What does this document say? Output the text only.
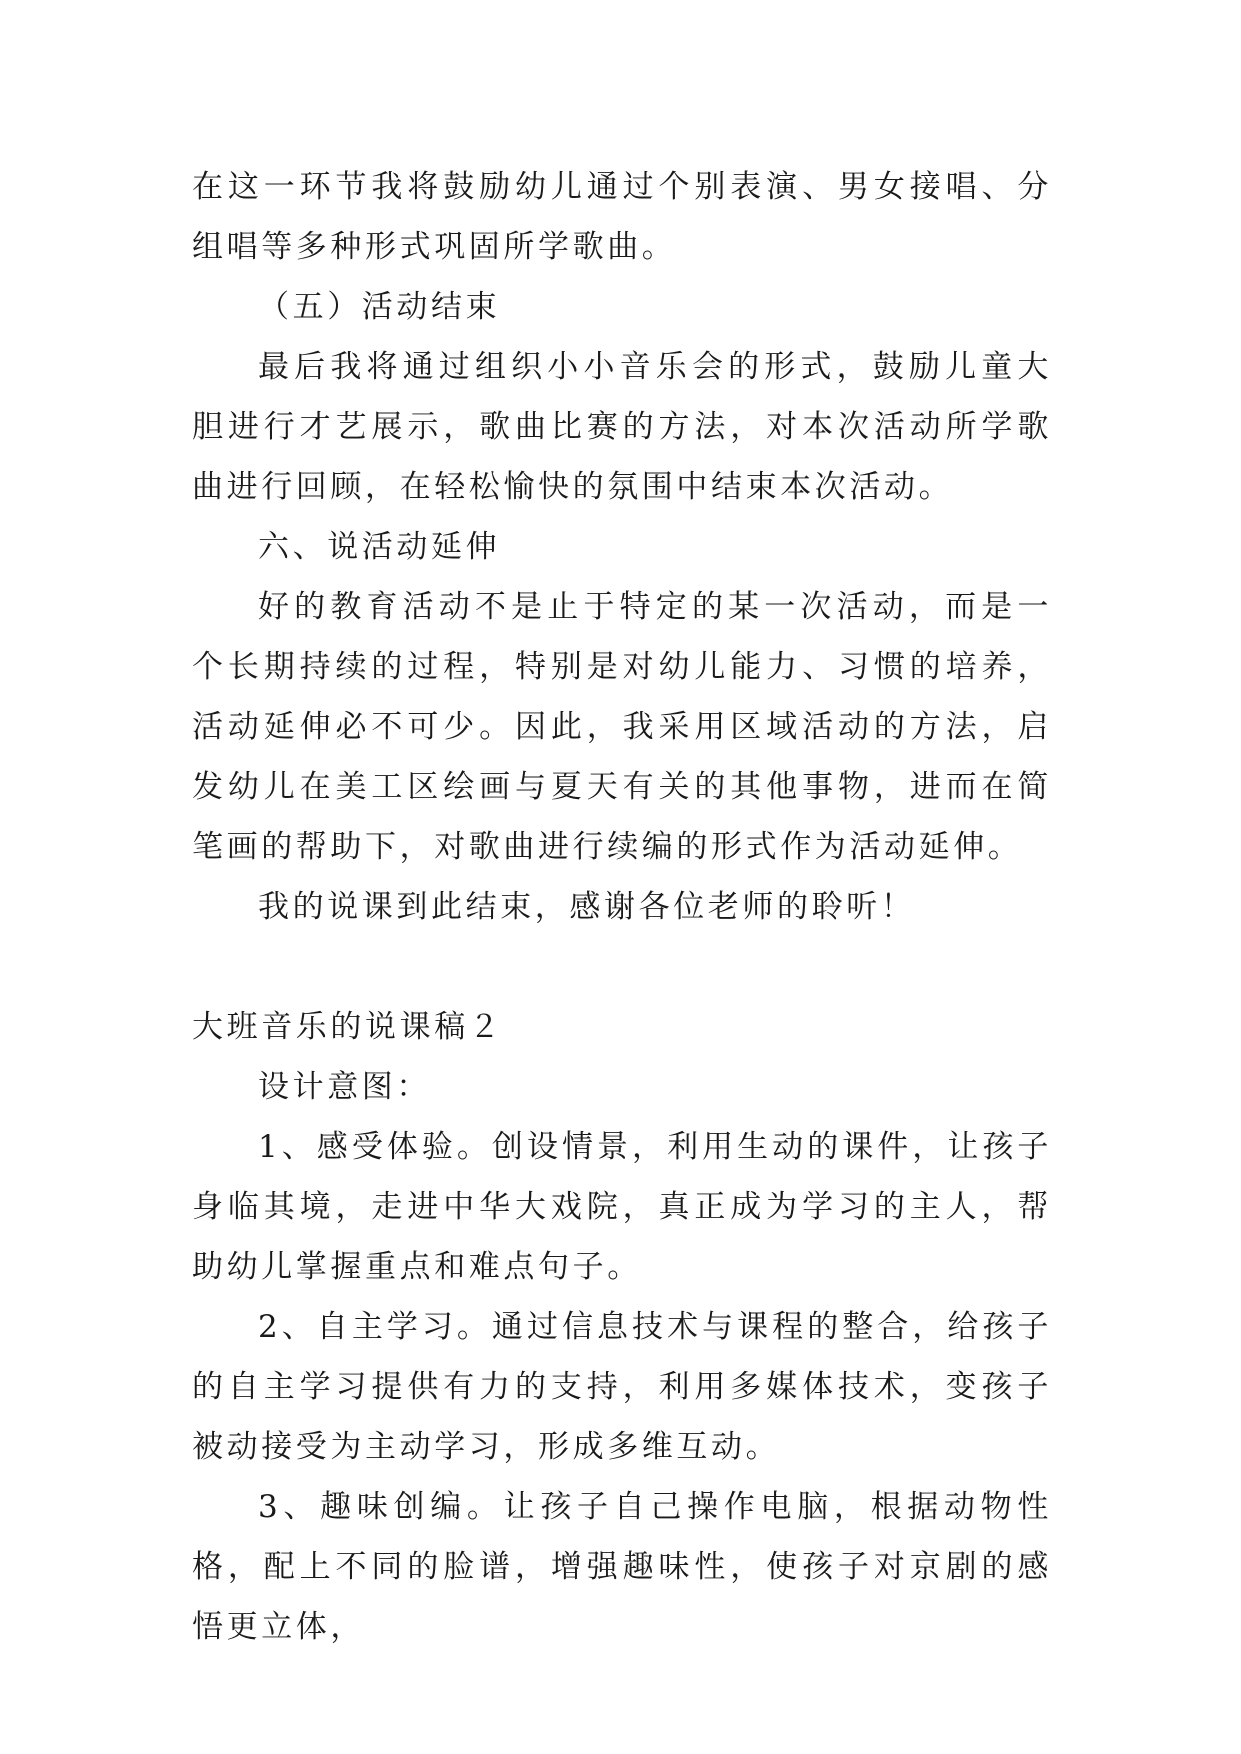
在这一环节我将鼓励幼儿通过个别表演、男女接唱、分组唱等多种形式巩固所学歌曲。

（五）活动结束

最后我将通过组织小小音乐会的形式，鼓励儿童大胆进行才艺展示，歌曲比赛的方法，对本次活动所学歌曲进行回顾，在轻松愉快的氛围中结束本次活动。

六、说活动延伸

好的教育活动不是止于特定的某一次活动，而是一个长期持续的过程，特别是对幼儿能力、习惯的培养，活动延伸必不可少。因此，我采用区域活动的方法，启发幼儿在美工区绘画与夏天有关的其他事物，进而在简笔画的帮助下，对歌曲进行续编的形式作为活动延伸。

我的说课到此结束，感谢各位老师的聆听！

大班音乐的说课稿２

设计意图：

1、感受体验。创设情景，利用生动的课件，让孩子身临其境，走进中华大戏院，真正成为学习的主人，帮助幼儿掌握重点和难点句子。

2、自主学习。通过信息技术与课程的整合，给孩子的自主学习提供有力的支持，利用多媒体技术，变孩子被动接受为主动学习，形成多维互动。

3、趣味创编。让孩子自己操作电脑，根据动物性格，配上不同的脸谱，增强趣味性，使孩子对京剧的感悟更立体，
